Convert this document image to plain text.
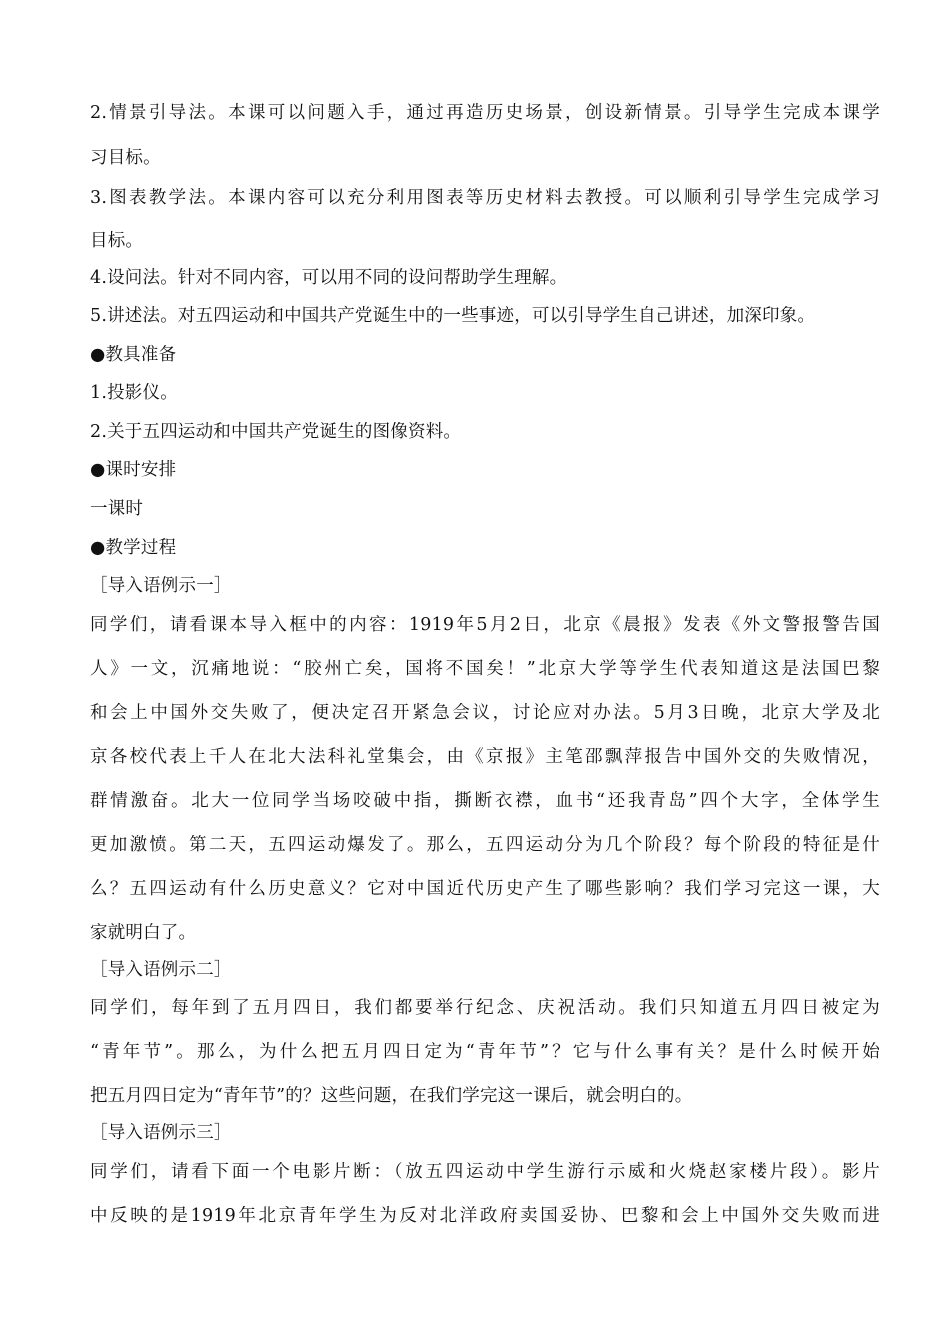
2.情景引导法。本课可以问题入手，通过再造历史场景，创设新情景。引导学生完成本课学
习目标。
3.图表教学法。本课内容可以充分利用图表等历史材料去教授。可以顺利引导学生完成学习
目标。
4.设问法。针对不同内容，可以用不同的设问帮助学生理解。
5.讲述法。对五四运动和中国共产党诞生中的一些事迹，可以引导学生自己讲述，加深印象。
●教具准备
1.投影仪。
2.关于五四运动和中国共产党诞生的图像资料。
●课时安排
一课时
●教学过程
［导入语例示一］
同学们，请看课本导入框中的内容：1919年5月2日，北京《晨报》发表《外文警报警告国
人》一文，沉痛地说：“胶州亡矣，国将不国矣！”北京大学等学生代表知道这是法国巴黎
和会上中国外交失败了，便决定召开紧急会议，讨论应对办法。5月3日晚，北京大学及北
京各校代表上千人在北大法科礼堂集会，由《京报》主笔邵飘萍报告中国外交的失败情况，
群情激奋。北大一位同学当场咬破中指，撕断衣襟，血书“还我青岛”四个大字，全体学生
更加激愤。第二天，五四运动爆发了。那么，五四运动分为几个阶段？每个阶段的特征是什
么？五四运动有什么历史意义？它对中国近代历史产生了哪些影响？我们学习完这一课，大
家就明白了。
［导入语例示二］
同学们，每年到了五月四日，我们都要举行纪念、庆祝活动。我们只知道五月四日被定为
“青年节”。那么，为什么把五月四日定为“青年节”？它与什么事有关？是什么时候开始
把五月四日定为“青年节”的？这些问题，在我们学完这一课后，就会明白的。
［导入语例示三］
同学们，请看下面一个电影片断：（放五四运动中学生游行示威和火烧赵家楼片段）。影片
中反映的是1919年北京青年学生为反对北洋政府卖国妥协、巴黎和会上中国外交失败而进
